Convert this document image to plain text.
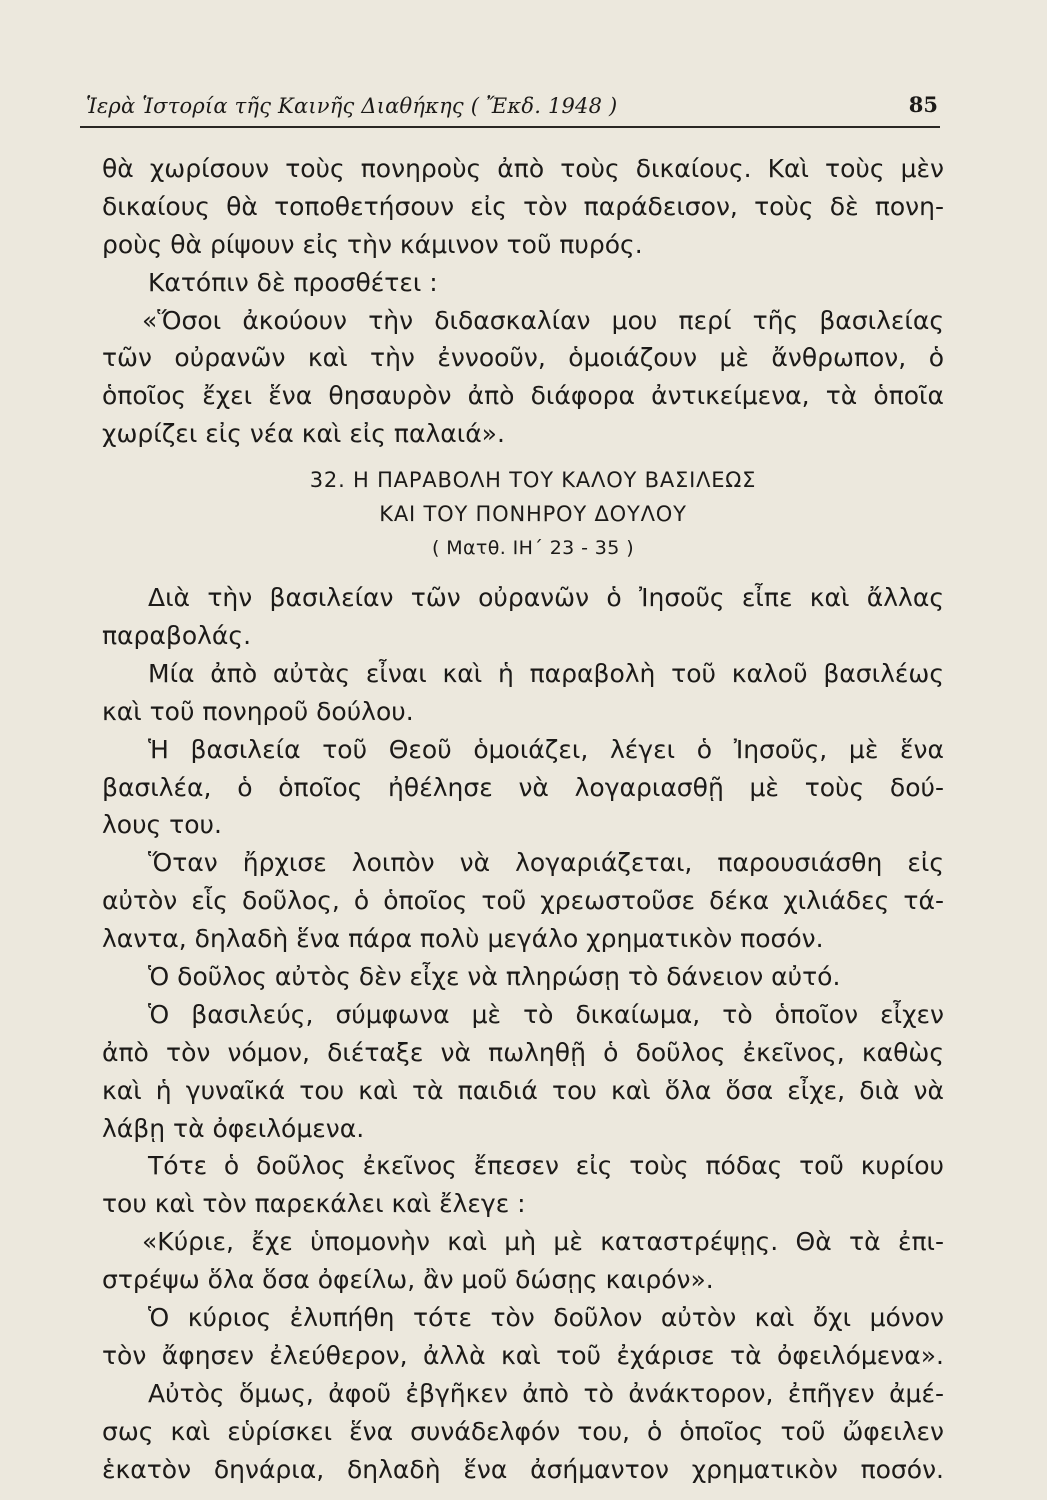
Ἱερὰ Ἱστορία τῆς Καινῆς Διαθήκης ( Ἔκδ. 1948 )	85
θὰ χωρίσουν τοὺς πονηροὺς ἀπὸ τοὺς δικαίους. Καὶ τοὺς μὲν
δικαίους θὰ τοποθετήσουν εἰς τὸν παράδεισον, τοὺς δὲ πονη-
ροὺς θὰ ρίψουν εἰς τὴν κάμινον τοῦ πυρός.
Κατόπιν δὲ προσθέτει :
«Ὅσοι ἀκούουν τὴν διδασκαλίαν μου περί τῆς βασιλείας
τῶν οὐρανῶν καὶ τὴν ἐννοοῦν, ὁμοιάζουν μὲ ἄνθρωπον, ὁ
ὁποῖος ἔχει ἕνα θησαυρὸν ἀπὸ διάφορα ἀντικείμενα, τὰ ὁποῖα
χωρίζει εἰς νέα καὶ εἰς παλαιά».
32. Η ΠΑΡΑΒΟΛΗ ΤΟΥ ΚΑΛΟΥ ΒΑΣΙΛΕΩΣ
ΚΑΙ ΤΟΥ ΠΟΝΗΡΟΥ ΔΟΥΛΟΥ
( Ματθ. ΙΗ΄ 23 - 35 )
Διὰ τὴν βασιλείαν τῶν οὐρανῶν ὁ Ἰησοῦς εἶπε καὶ ἄλλας
παραβολάς.
Μία ἀπὸ αὐτὰς εἶναι καὶ ἡ παραβολὴ τοῦ καλοῦ βασιλέως
καὶ τοῦ πονηροῦ δούλου.
Ἡ βασιλεία τοῦ Θεοῦ ὁμοιάζει, λέγει ὁ Ἰησοῦς, μὲ ἕνα
βασιλέα, ὁ ὁποῖος ἠθέλησε νὰ λογαριασθῇ μὲ τοὺς δού-
λους του.
Ὅταν ἤρχισε λοιπὸν νὰ λογαριάζεται, παρουσιάσθη εἰς
αὐτὸν εἷς δοῦλος, ὁ ὁποῖος τοῦ χρεωστοῦσε δέκα χιλιάδες τά-
λαντα, δηλαδὴ ἕνα πάρα πολὺ μεγάλο χρηματικὸν ποσόν.
Ὁ δοῦλος αὐτὸς δὲν εἶχε νὰ πληρώσῃ τὸ δάνειον αὐτό.
Ὁ βασιλεύς, σύμφωνα μὲ τὸ δικαίωμα, τὸ ὁποῖον εἶχεν
ἀπὸ τὸν νόμον, διέταξε νὰ πωληθῇ ὁ δοῦλος ἐκεῖνος, καθὼς
καὶ ἡ γυναῖκά του καὶ τὰ παιδιά του καὶ ὅλα ὅσα εἶχε, διὰ νὰ
λάβῃ τὰ ὀφειλόμενα.
Τότε ὁ δοῦλος ἐκεῖνος ἔπεσεν εἰς τοὺς πόδας τοῦ κυρίου
του καὶ τὸν παρεκάλει καὶ ἔλεγε :
«Κύριε, ἔχε ὑπομονὴν καὶ μὴ μὲ καταστρέψῃς. Θὰ τὰ ἐπι-
στρέψω ὅλα ὅσα ὀφείλω, ἂν μοῦ δώσῃς καιρόν».
Ὁ κύριος ἐλυπήθη τότε τὸν δοῦλον αὐτὸν καὶ ὄχι μόνον
τὸν ἄφησεν ἐλεύθερον, ἀλλὰ καὶ τοῦ ἐχάρισε τὰ ὀφειλόμενα».
Αὐτὸς ὅμως, ἀφοῦ ἐβγῆκεν ἀπὸ τὸ ἀνάκτορον, ἐπῆγεν ἀμέ-
σως καὶ εὑρίσκει ἕνα συνάδελφόν του, ὁ ὁποῖος τοῦ ὤφειλεν
ἑκατὸν δηνάρια, δηλαδὴ ἕνα ἀσήμαντον χρηματικὸν ποσόν.
